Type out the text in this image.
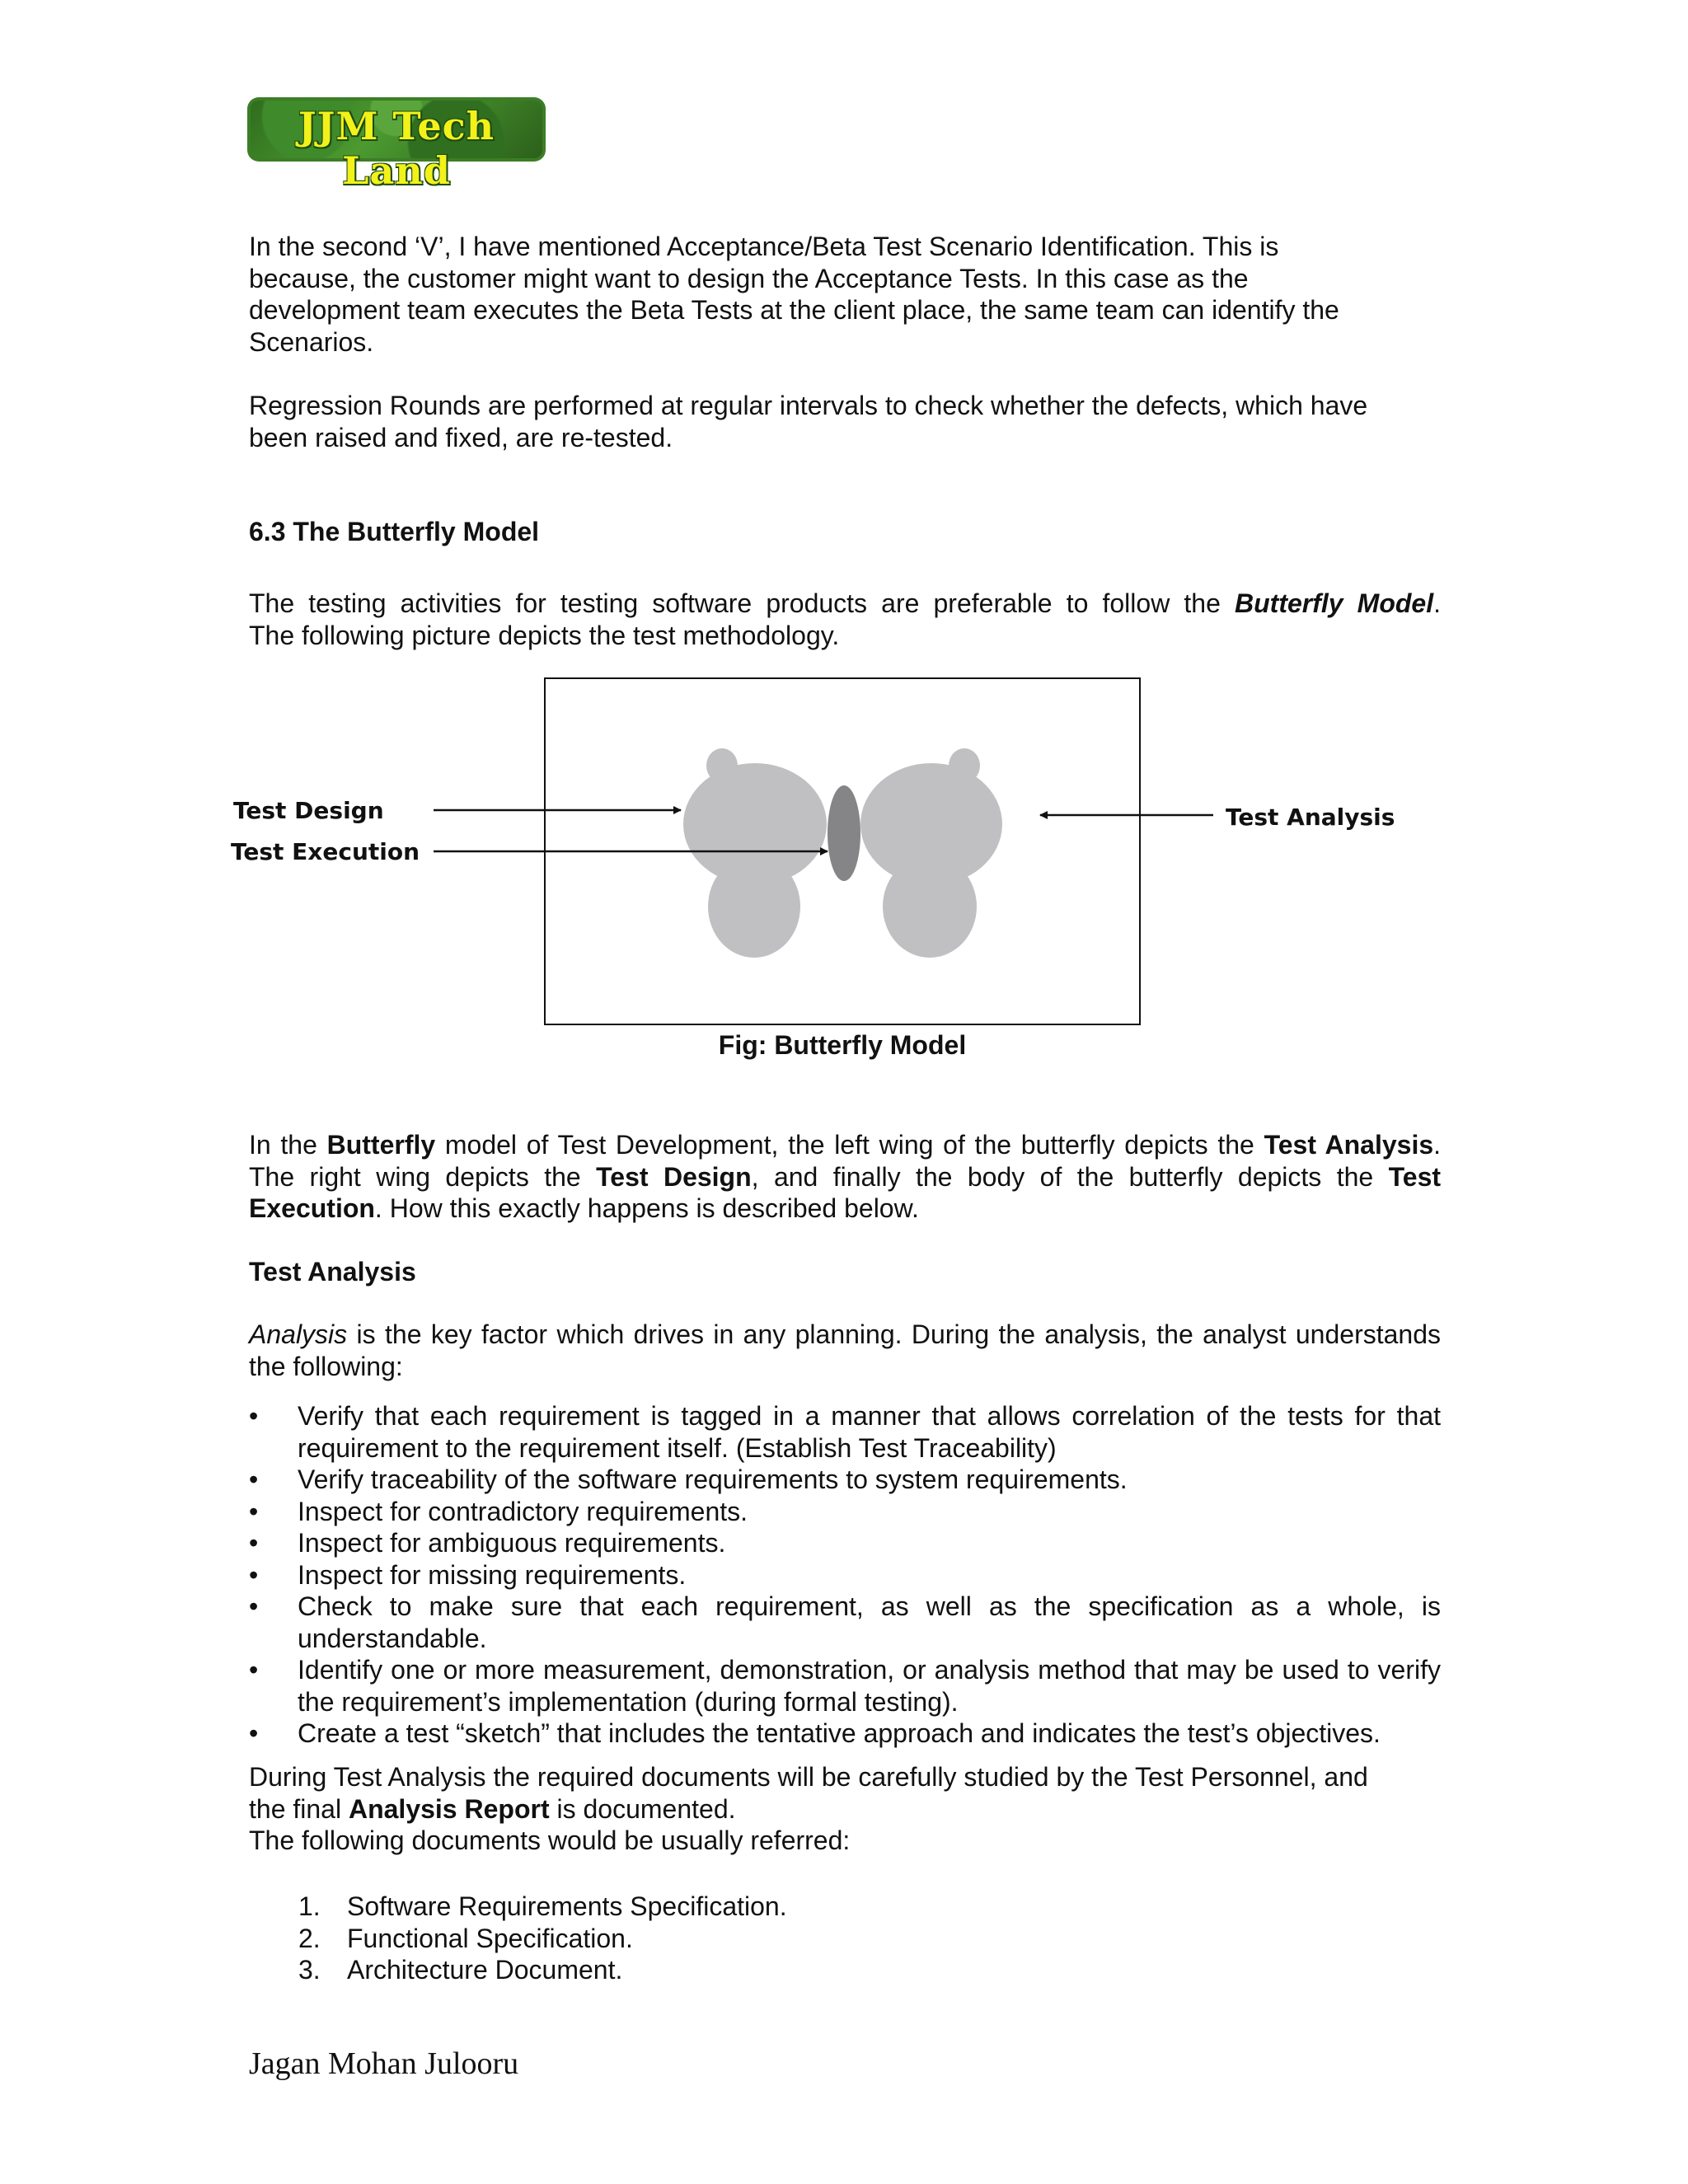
JJM Tech Land
In the second ‘V’, I have mentioned Acceptance/Beta Test Scenario Identification. This is
because, the customer might want to design the Acceptance Tests. In this case as the
development team executes the Beta Tests at the client place, the same team can identify the
Scenarios.
Regression Rounds are performed at regular intervals to check whether the defects, which have
been raised and fixed, are re-tested.
6.3 The Butterfly Model
The testing activities for testing software products are preferable to follow the Butterfly Model.
The following picture depicts the test methodology.
Test Design
Test Execution
Test Analysis
Fig: Butterfly Model
In the Butterfly model of Test Development, the left wing of the butterfly depicts the Test Analysis. The right wing depicts the Test Design, and finally the body of the butterfly depicts the Test Execution. How this exactly happens is described below.
Test Analysis
Analysis is the key factor which drives in any planning. During the analysis, the analyst understands the following:
• Verify that each requirement is tagged in a manner that allows correlation of the tests for that requirement to the requirement itself. (Establish Test Traceability)
• Verify traceability of the software requirements to system requirements.
• Inspect for contradictory requirements.
• Inspect for ambiguous requirements.
• Inspect for missing requirements.
• Check to make sure that each requirement, as well as the specification as a whole, is understandable.
• Identify one or more measurement, demonstration, or analysis method that may be used to verify the requirement’s implementation (during formal testing).
• Create a test “sketch” that includes the tentative approach and indicates the test’s objectives.
During Test Analysis the required documents will be carefully studied by the Test Personnel, and
the final Analysis Report is documented.
The following documents would be usually referred:
1. Software Requirements Specification.
2. Functional Specification.
3. Architecture Document.
Jagan Mohan Julooru
